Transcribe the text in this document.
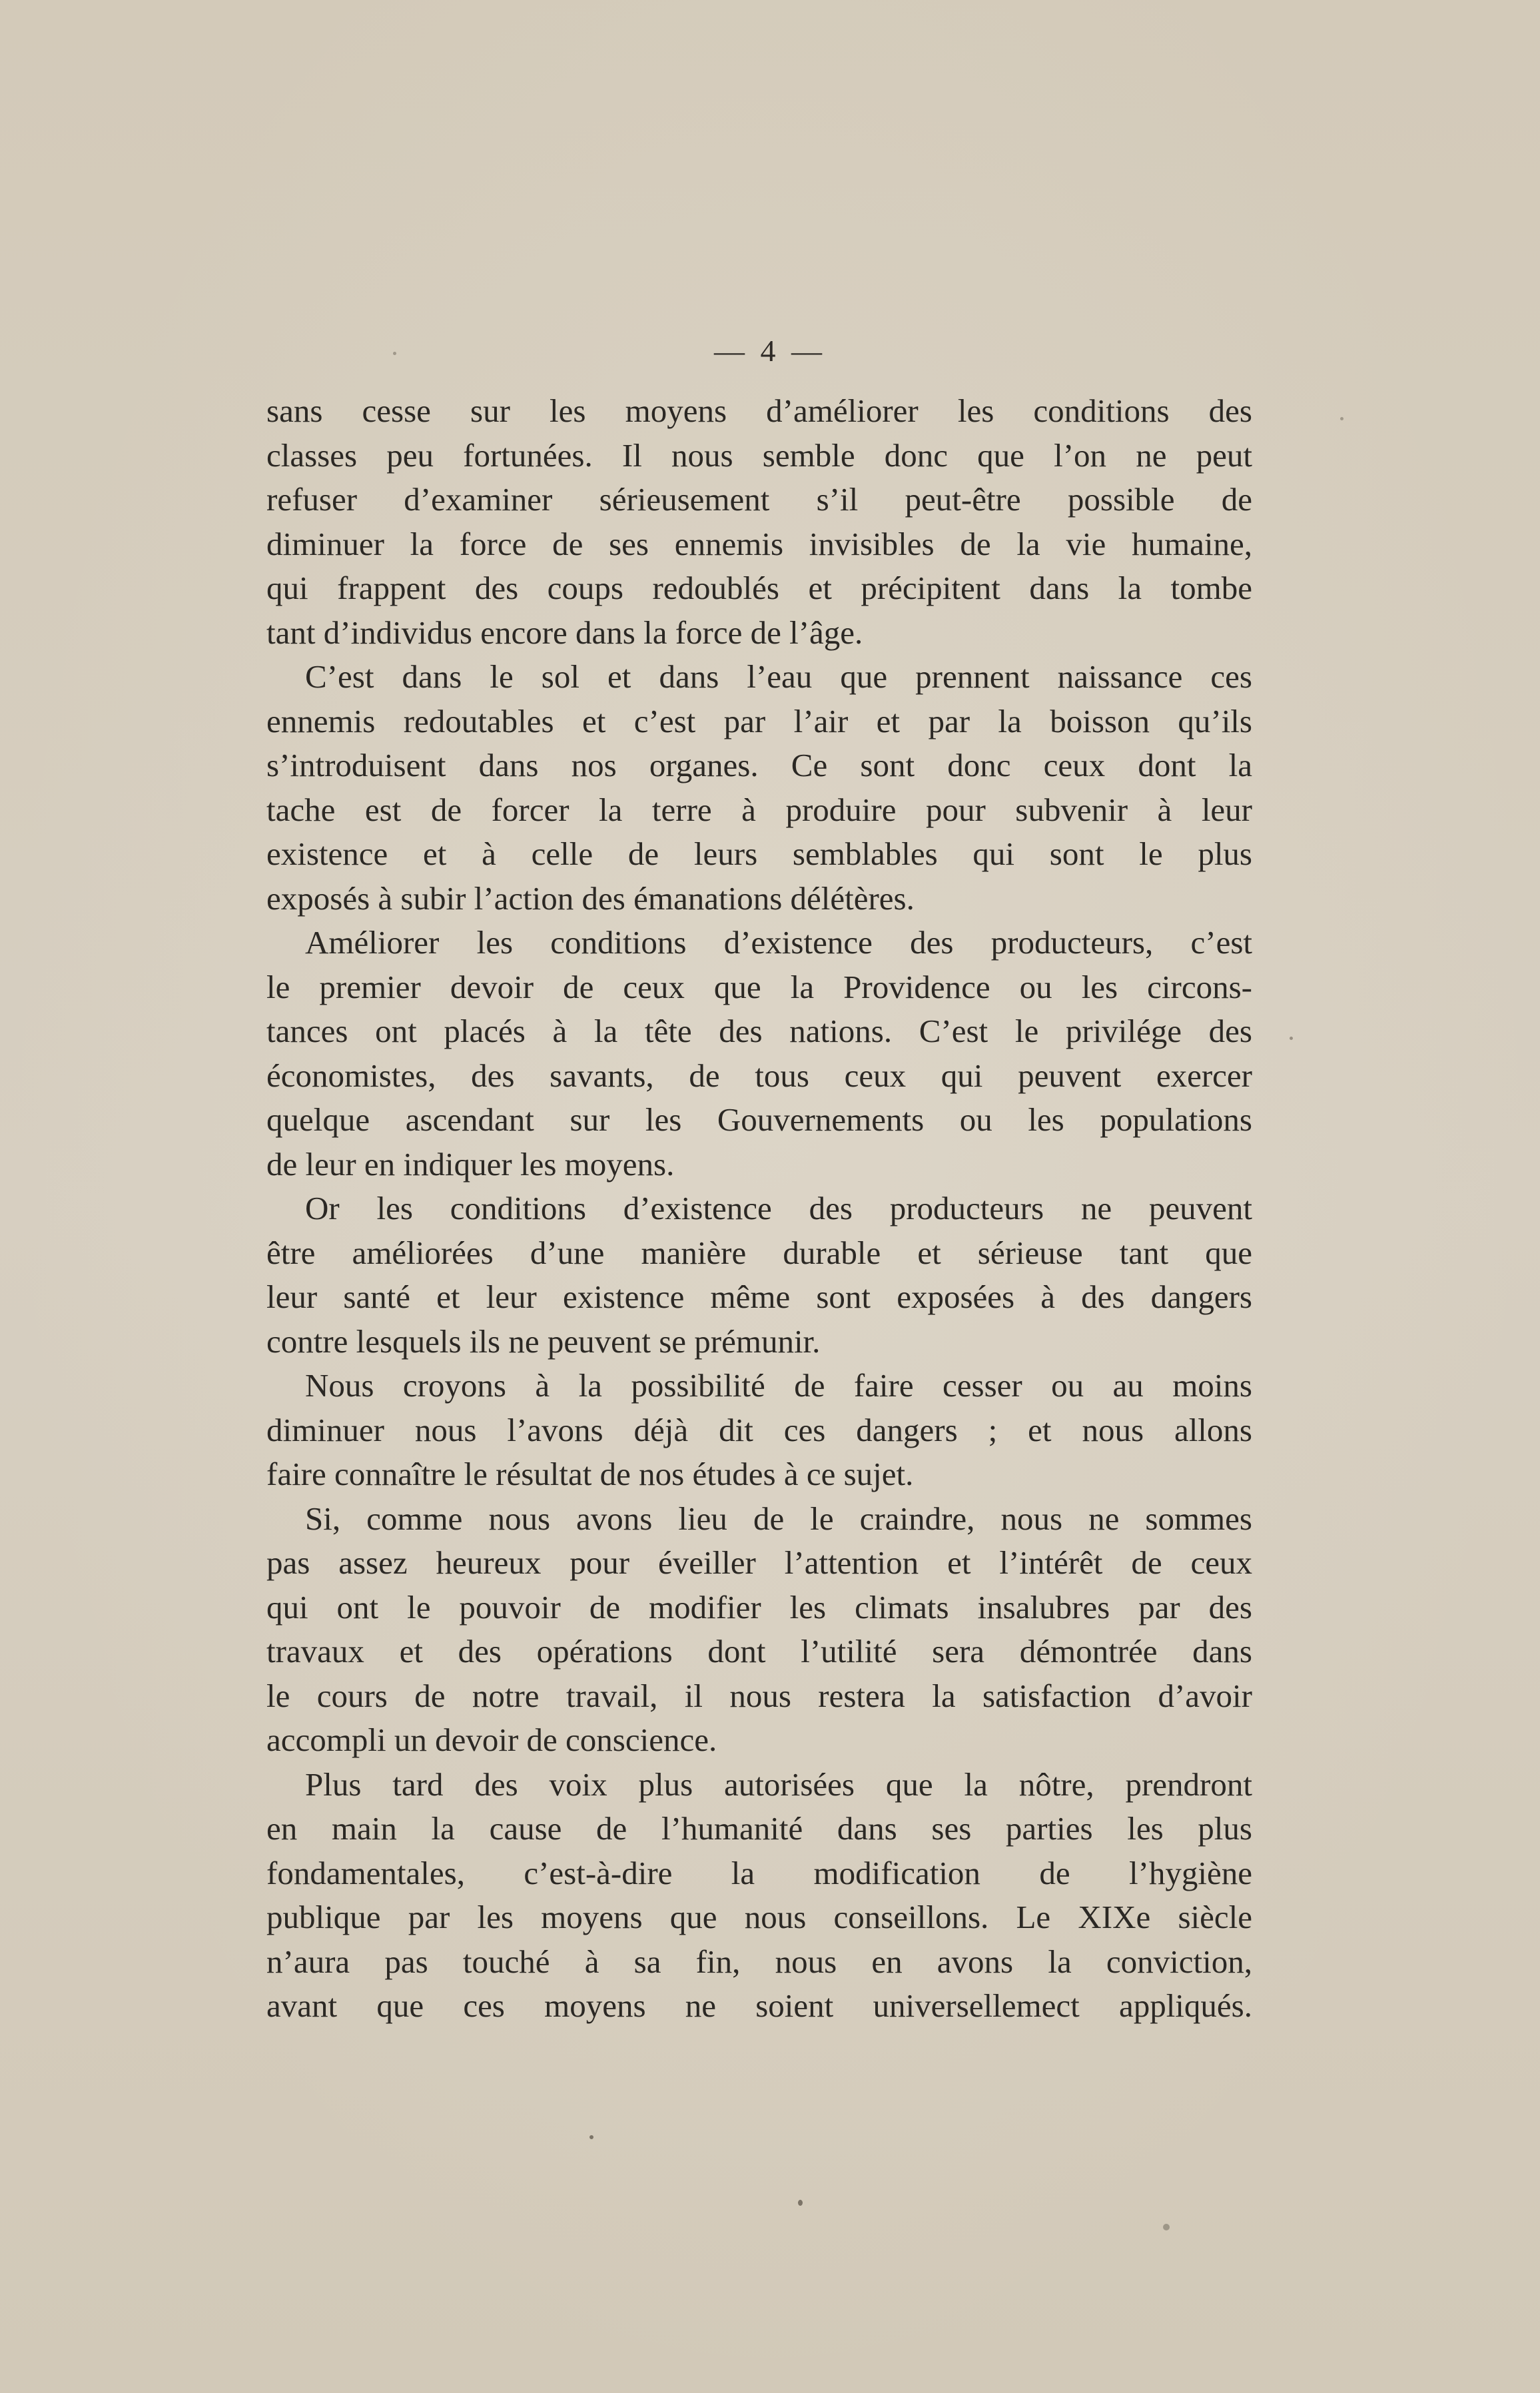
— 4 —
sans cesse sur les moyens d’améliorer les conditions des
classes peu fortunées. Il nous semble donc que l’on ne peut
refuser d’examiner sérieusement s’il peut-être possible de
diminuer la force de ses ennemis invisibles de la vie humaine,
qui frappent des coups redoublés et précipitent dans la tombe
tant d’individus encore dans la force de l’âge.
C’est dans le sol et dans l’eau que prennent naissance ces
ennemis redoutables et c’est par l’air et par la boisson qu’ils
s’introduisent dans nos organes. Ce sont donc ceux dont la
tache est de forcer la terre à produire pour subvenir à leur
existence et à celle de leurs semblables qui sont le plus
exposés à subir l’action des émanations délétères.
Améliorer les conditions d’existence des producteurs, c’est
le premier devoir de ceux que la Providence ou les circons-
tances ont placés à la tête des nations. C’est le privilége des
économistes, des savants, de tous ceux qui peuvent exercer
quelque ascendant sur les Gouvernements ou les populations
de leur en indiquer les moyens.
Or les conditions d’existence des producteurs ne peuvent
être améliorées d’une manière durable et sérieuse tant que
leur santé et leur existence même sont exposées à des dangers
contre lesquels ils ne peuvent se prémunir.
Nous croyons à la possibilité de faire cesser ou au moins
diminuer nous l’avons déjà dit ces dangers ; et nous allons
faire connaître le résultat de nos études à ce sujet.
Si, comme nous avons lieu de le craindre, nous ne sommes
pas assez heureux pour éveiller l’attention et l’intérêt de ceux
qui ont le pouvoir de modifier les climats insalubres par des
travaux et des opérations dont l’utilité sera démontrée dans
le cours de notre travail, il nous restera la satisfaction d’avoir
accompli un devoir de conscience.
Plus tard des voix plus autorisées que la nôtre, prendront
en main la cause de l’humanité dans ses parties les plus
fondamentales, c’est-à-dire la modification de l’hygiène
publique par les moyens que nous conseillons. Le XIXe siècle
n’aura pas touché à sa fin, nous en avons la conviction,
avant que ces moyens ne soient universellemect appliqués.
